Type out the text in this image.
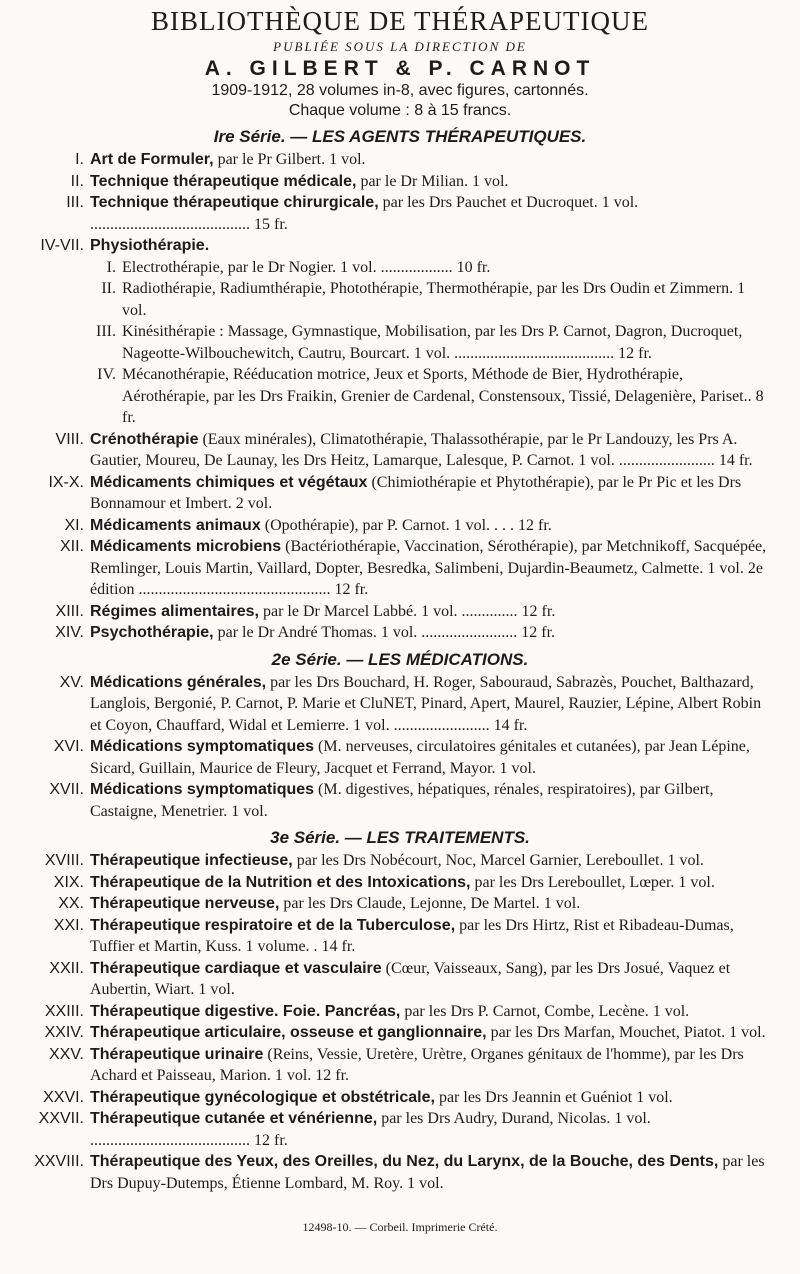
BIBLIOTHÈQUE DE THÉRAPEUTIQUE
PUBLIÉE SOUS LA DIRECTION DE
A. GILBERT & P. CARNOT
1909-1912, 28 volumes in-8, avec figures, cartonnés.
Chaque volume : 8 à 15 francs.
Ire Série. — LES AGENTS THÉRAPEUTIQUES.
I. Art de Formuler, par le Pr Gilbert. 1 vol.
II. Technique thérapeutique médicale, par le Dr Milian. 1 vol.
III. Technique thérapeutique chirurgicale, par les Drs Pauchet et Ducroquet. 1 vol. ........................................ 15 fr.
IV-VII. Physiothérapie.
I. Electrothérapie, par le Dr Nogier. 1 vol. .................. 10 fr.
II. Radiothérapie, Radiumthérapie, Photothérapie, Thermothérapie, par les Drs Oudin et Zimmern. 1 vol.
III. Kinésithérapie : Massage, Gymnastique, Mobilisation, par les Drs P. Carnot, Dagron, Ducroquet, Nageotte-Wilbouchewitch, Cautru, Bourcart. 1 vol. ........................................ 12 fr.
IV. Mécanothérapie, Rééducation motrice, Jeux et Sports, Méthode de Bier, Hydrothérapie, Aérothérapie, par les Drs Fraikin, Grenier de Cardenal, Constensoux, Tissié, Delagenière, Pariset.. 8 fr.
VIII. Crénothérapie (Eaux minérales), Climatothérapie, Thalassothérapie, par le Pr Landouzy, les Prs A. Gautier, Moureu, De Launay, les Drs Heitz, Lamarque, Lalesque, P. Carnot. 1 vol. ........................ 14 fr.
IX-X. Médicaments chimiques et végétaux (Chimiothérapie et Phytothérapie), par le Pr Pic et les Drs Bonnamour et Imbert. 2 vol.
XI. Médicaments animaux (Opothérapie), par P. Carnot. 1 vol. . . . 12 fr.
XII. Médicaments microbiens (Bactériothérapie, Vaccination, Sérothérapie), par Metchnikoff, Sacquépée, Remlinger, Louis Martin, Vaillard, Dopter, Besredka, Salimbeni, Dujardin-Beaumetz, Calmette. 1 vol. 2e édition ................................................ 12 fr.
XIII. Régimes alimentaires, par le Dr Marcel Labbé. 1 vol. .............. 12 fr.
XIV. Psychothérapie, par le Dr André Thomas. 1 vol. ........................ 12 fr.
2e Série. — LES MÉDICATIONS.
XV. Médications générales, par les Drs Bouchard, H. Roger, Sabouraud, Sabrazès, Pouchet, Balthazard, Langlois, Bergonié, P. Carnot, P. Marie et CluNET, Pinard, Apert, Maurel, Rauzier, Lépine, Albert Robin et Coyon, Chauffard, Widal et Lemierre. 1 vol. ........................ 14 fr.
XVI. Médications symptomatiques (M. nerveuses, circulatoires génitales et cutanées), par Jean Lépine, Sicard, Guillain, Maurice de Fleury, Jacquet et Ferrand, Mayor. 1 vol.
XVII. Médications symptomatiques (M. digestives, hépatiques, rénales, respiratoires), par Gilbert, Castaigne, Menetrier. 1 vol.
3e Série. — LES TRAITEMENTS.
XVIII. Thérapeutique infectieuse, par les Drs Nobécourt, Noc, Marcel Garnier, Lereboullet. 1 vol.
XIX. Thérapeutique de la Nutrition et des Intoxications, par les Drs Lereboullet, Lœper. 1 vol.
XX. Thérapeutique nerveuse, par les Drs Claude, Lejonne, De Martel. 1 vol.
XXI. Thérapeutique respiratoire et de la Tuberculose, par les Drs Hirtz, Rist et Ribadeau-Dumas, Tuffier et Martin, Kuss. 1 volume. . 14 fr.
XXII. Thérapeutique cardiaque et vasculaire (Cœur, Vaisseaux, Sang), par les Drs Josué, Vaquez et Aubertin, Wiart. 1 vol.
XXIII. Thérapeutique digestive. Foie. Pancréas, par les Drs P. Carnot, Combe, Lecène. 1 vol.
XXIV. Thérapeutique articulaire, osseuse et ganglionnaire, par les Drs Marfan, Mouchet, Piatot. 1 vol.
XXV. Thérapeutique urinaire (Reins, Vessie, Uretère, Urètre, Organes génitaux de l'homme), par les Drs Achard et Paisseau, Marion. 1 vol. 12 fr.
XXVI. Thérapeutique gynécologique et obstétricale, par les Drs Jeannin et Guéniot 1 vol.
XXVII. Thérapeutique cutanée et vénérienne, par les Drs Audry, Durand, Nicolas. 1 vol. ........................................ 12 fr.
XXVIII. Thérapeutique des Yeux, des Oreilles, du Nez, du Larynx, de la Bouche, des Dents, par les Drs Dupuy-Dutemps, Étienne Lombard, M. Roy. 1 vol.
12498-10. — Corbeil. Imprimerie Crété.
